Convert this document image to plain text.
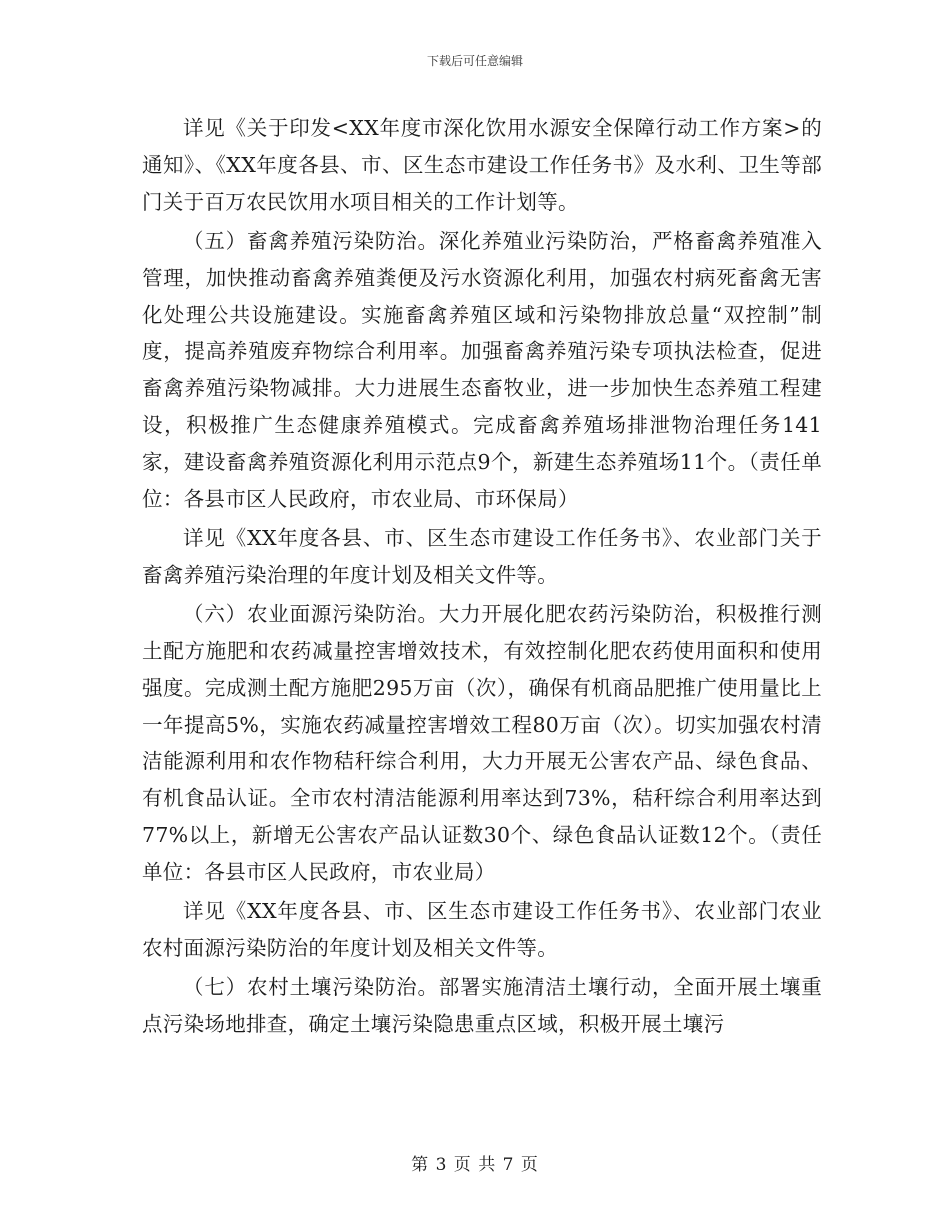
下载后可任意编辑

详见《关于印发<XX年度市深化饮用水源安全保障行动工作方案>的通知》、《XX年度各县、市、区生态市建设工作任务书》及水利、卫生等部门关于百万农民饮用水项目相关的工作计划等。

（五）畜禽养殖污染防治。深化养殖业污染防治，严格畜禽养殖准入管理，加快推动畜禽养殖粪便及污水资源化利用，加强农村病死畜禽无害化处理公共设施建设。实施畜禽养殖区域和污染物排放总量“双控制”制度，提高养殖废弃物综合利用率。加强畜禽养殖污染专项执法检查，促进畜禽养殖污染物减排。大力进展生态畜牧业，进一步加快生态养殖工程建设，积极推广生态健康养殖模式。完成畜禽养殖场排泄物治理任务141家，建设畜禽养殖资源化利用示范点9个，新建生态养殖场11个。（责任单位：各县市区人民政府，市农业局、市环保局）

详见《XX年度各县、市、区生态市建设工作任务书》、农业部门关于畜禽养殖污染治理的年度计划及相关文件等。

（六）农业面源污染防治。大力开展化肥农药污染防治，积极推行测土配方施肥和农药减量控害增效技术，有效控制化肥农药使用面积和使用强度。完成测土配方施肥295万亩（次），确保有机商品肥推广使用量比上一年提高5%，实施农药减量控害增效工程80万亩（次）。切实加强农村清洁能源利用和农作物秸秆综合利用，大力开展无公害农产品、绿色食品、有机食品认证。全市农村清洁能源利用率达到73%，秸秆综合利用率达到77%以上，新增无公害农产品认证数30个、绿色食品认证数12个。（责任单位：各县市区人民政府，市农业局）

详见《XX年度各县、市、区生态市建设工作任务书》、农业部门农业农村面源污染防治的年度计划及相关文件等。

（七）农村土壤污染防治。部署实施清洁土壤行动，全面开展土壤重点污染场地排查，确定土壤污染隐患重点区域，积极开展土壤污

第 3 页 共 7 页
